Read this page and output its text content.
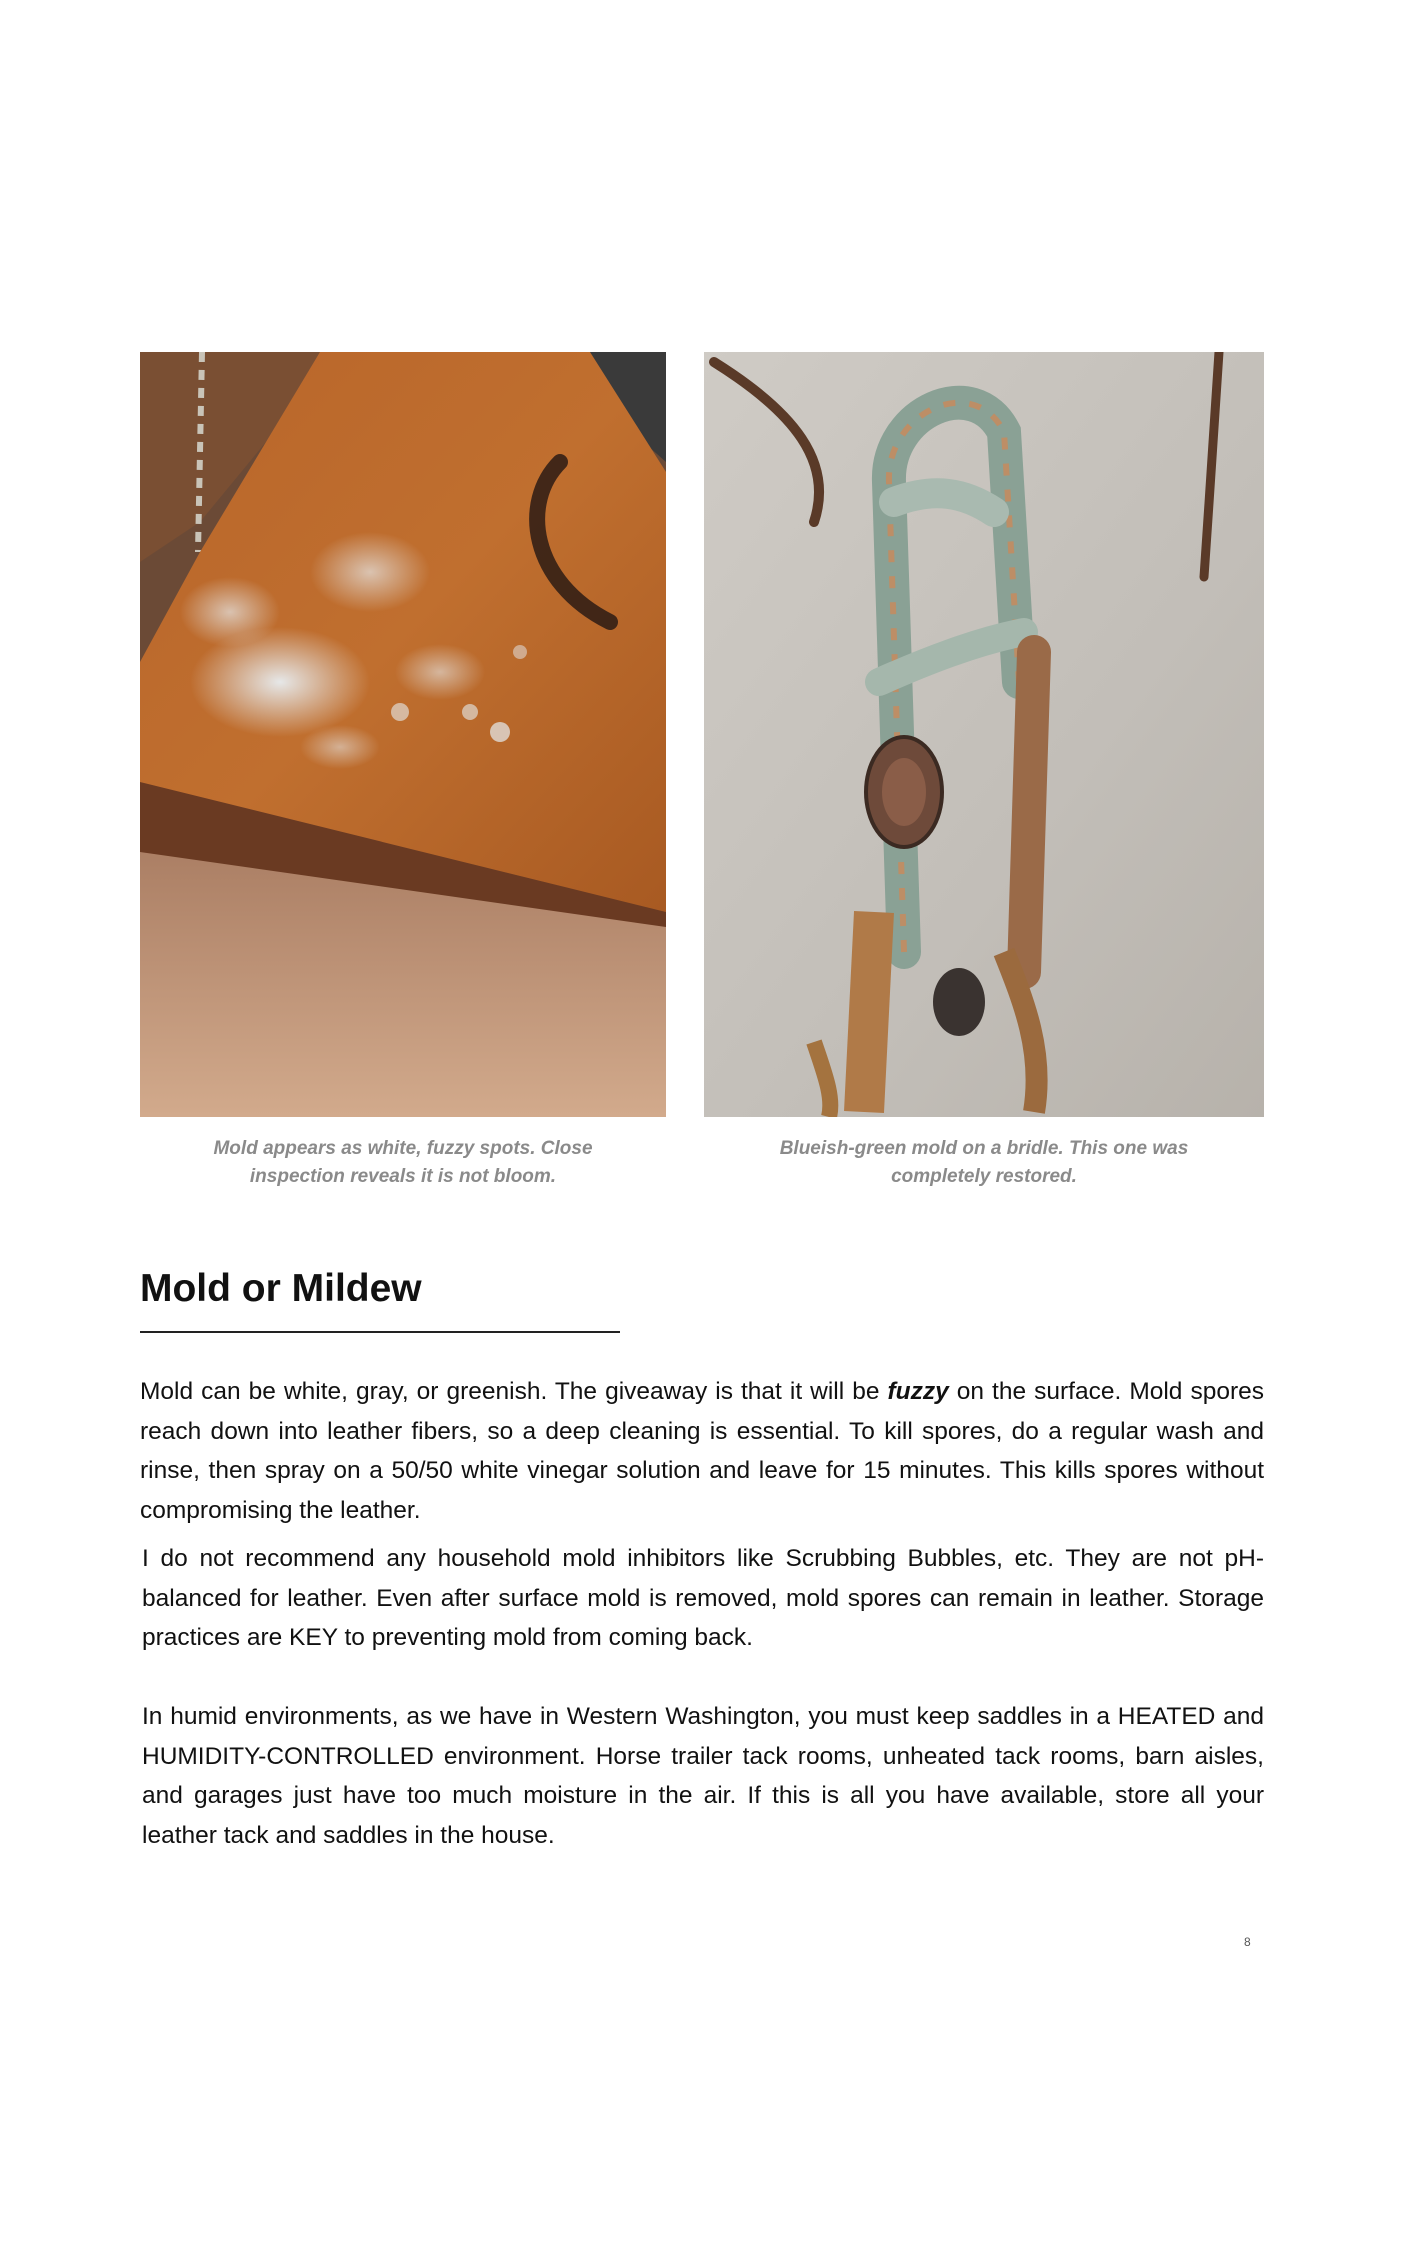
Mold appears as white, fuzzy spots. Close
inspection reveals it is not bloom.
Blueish-green mold on a bridle. This one was
completely restored.
Mold or Mildew

Mold can be white, gray, or greenish. The giveaway is that it will be fuzzy on the surface. Mold spores reach down into leather fibers, so a deep cleaning is essential. To kill spores, do a regular wash and rinse, then spray on a 50/50 white vinegar solution and leave for 15 minutes. This kills spores without compromising the leather.

I do not recommend any household mold inhibitors like Scrubbing Bubbles, etc. They are not pH-balanced for leather. Even after surface mold is removed, mold spores can remain in leather. Storage practices are KEY to preventing mold from coming back.

In humid environments, as we have in Western Washington, you must keep saddles in a HEATED and HUMIDITY-CONTROLLED environment. Horse trailer tack rooms, unheated tack rooms, barn aisles, and garages just have too much moisture in the air. If this is all you have available, store all your leather tack and saddles in the house.

8
